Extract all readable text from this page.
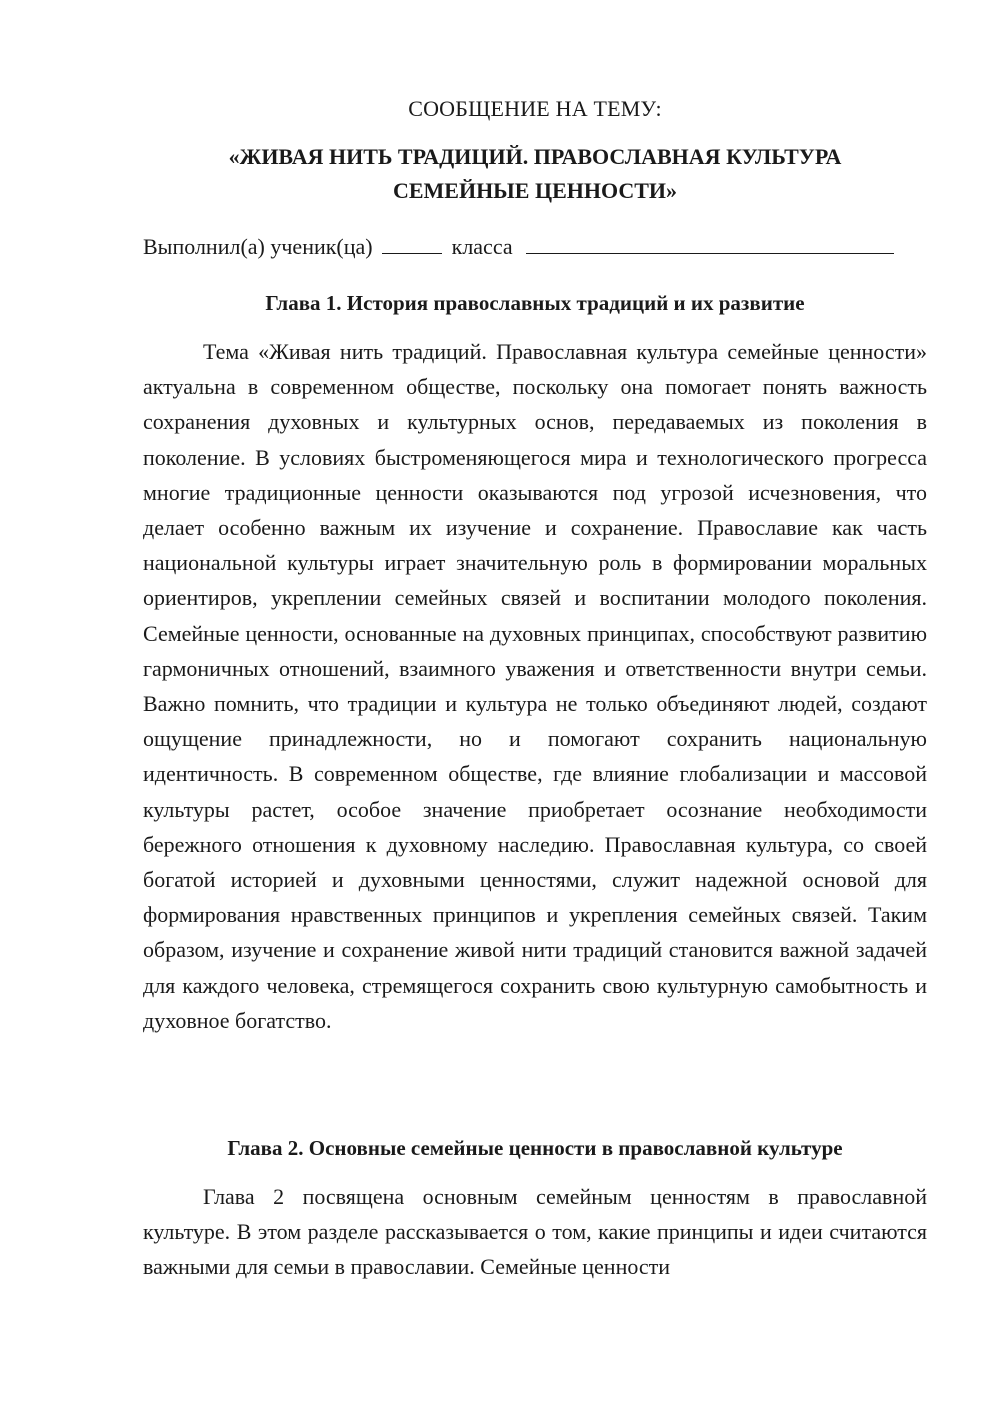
СООБЩЕНИЕ НА ТЕМУ:
«ЖИВАЯ НИТЬ ТРАДИЦИЙ. ПРАВОСЛАВНАЯ КУЛЬТУРА
СЕМЕЙНЫЕ ЦЕННОСТИ»
Выполнил(а) ученик(ца)	класса
Глава 1. История православных традиций и их развитие
Тема «Живая нить традиций. Православная культура семейные ценности» актуальна в современном обществе, поскольку она помогает понять важность сохранения духовных и культурных основ, передаваемых из поколения в поколение. В условиях быстроменяющегося мира и технологического прогресса многие традиционные ценности оказываются под угрозой исчезновения, что делает особенно важным их изучение и сохранение. Православие как часть национальной культуры играет значительную роль в формировании моральных ориентиров, укреплении семейных связей и воспитании молодого поколения. Семейные ценности, основанные на духовных принципах, способствуют развитию гармоничных отношений, взаимного уважения и ответственности внутри семьи. Важно помнить, что традиции и культура не только объединяют людей, создают ощущение принадлежности, но и помогают сохранить национальную идентичность. В современном обществе, где влияние глобализации и массовой культуры растет, особое значение приобретает осознание необходимости бережного отношения к духовному наследию. Православная культура, со своей богатой историей и духовными ценностями, служит надежной основой для формирования нравственных принципов и укрепления семейных связей. Таким образом, изучение и сохранение живой нити традиций становится важной задачей для каждого человека, стремящегося сохранить свою культурную самобытность и духовное богатство.
Глава 2. Основные семейные ценности в православной культуре
Глава 2 посвящена основным семейным ценностям в православной культуре. В этом разделе рассказывается о том, какие принципы и идеи считаются важными для семьи в православии. Семейные ценности
